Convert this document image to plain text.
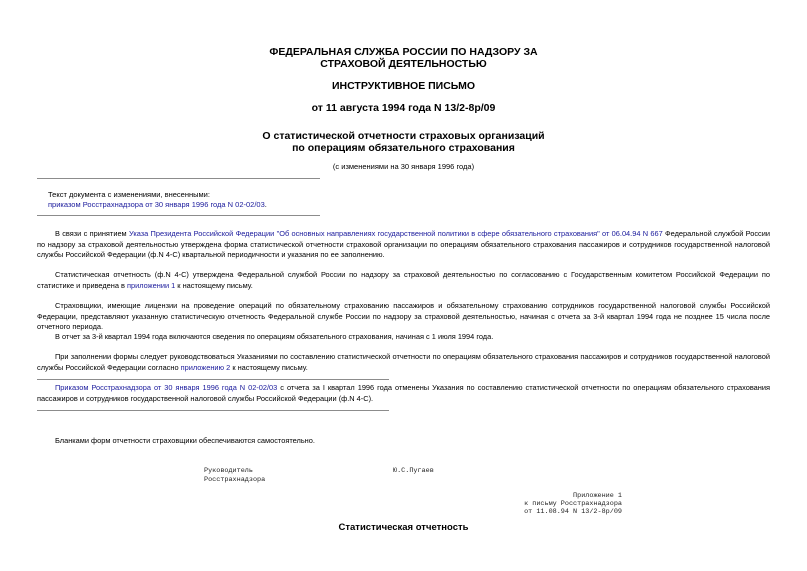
ФЕДЕРАЛЬНАЯ СЛУЖБА РОССИИ ПО НАДЗОРУ ЗА
СТРАХОВОЙ ДЕЯТЕЛЬНОСТЬЮ
ИНСТРУКТИВНОЕ ПИСЬМО
от 11 августа 1994 года N 13/2-8р/09
О статистической отчетности страховых организаций
по операциям обязательного страхования
(с изменениями на 30 января 1996 года)
Текст документа с изменениями, внесенными:
приказом Росстрахнадзора от 30 января 1996 года N 02-02/03.
В связи с принятием Указа Президента Российской Федерации "Об основных направлениях государственной политики в сфере обязательного страхования" от 06.04.94 N 667 Федеральной службой России по надзору за страховой деятельностью утверждена форма статистической отчетности страховой организации по операциям обязательного страхования пассажиров и сотрудников государственной налоговой службы Российской Федерации (ф.N 4-С) квартальной периодичности и указания по ее заполнению.
Статистическая отчетность (ф.N 4-С) утверждена Федеральной службой России по надзору за страховой деятельностью по согласованию с Государственным комитетом Российской Федерации по статистике и приведена в приложении 1 к настоящему письму.
Страховщики, имеющие лицензии на проведение операций по обязательному страхованию пассажиров и обязательному страхованию сотрудников государственной налоговой службы Российской Федерации, представляют указанную статистическую отчетность Федеральной службе России по надзору за страховой деятельностью, начиная с отчета за 3-й квартал 1994 года не позднее 15 числа после отчетного периода.
В отчет за 3-й квартал 1994 года включаются сведения по операциям обязательного страхования, начиная с 1 июля 1994 года.
При заполнении формы следует руководствоваться Указаниями по составлению статистической отчетности по операциям обязательного страхования пассажиров и сотрудников государственной налоговой службы Российской Федерации согласно приложению 2 к настоящему письму.
Приказом Росстрахнадзора от 30 января 1996 года N 02-02/03 с отчета за I квартал 1996 года отменены Указания по составлению статистической отчетности по операциям обязательного страхования пассажиров и сотрудников государственной налоговой службы Российской Федерации (ф.N 4-С).
Бланками форм отчетности страховщики обеспечиваются самостоятельно.
Руководитель
Росстрахнадзора
Ю.С.Пугаев
Приложение 1
к письму Росстрахнадзора
от 11.08.94 N 13/2-8р/09
Статистическая отчетность
